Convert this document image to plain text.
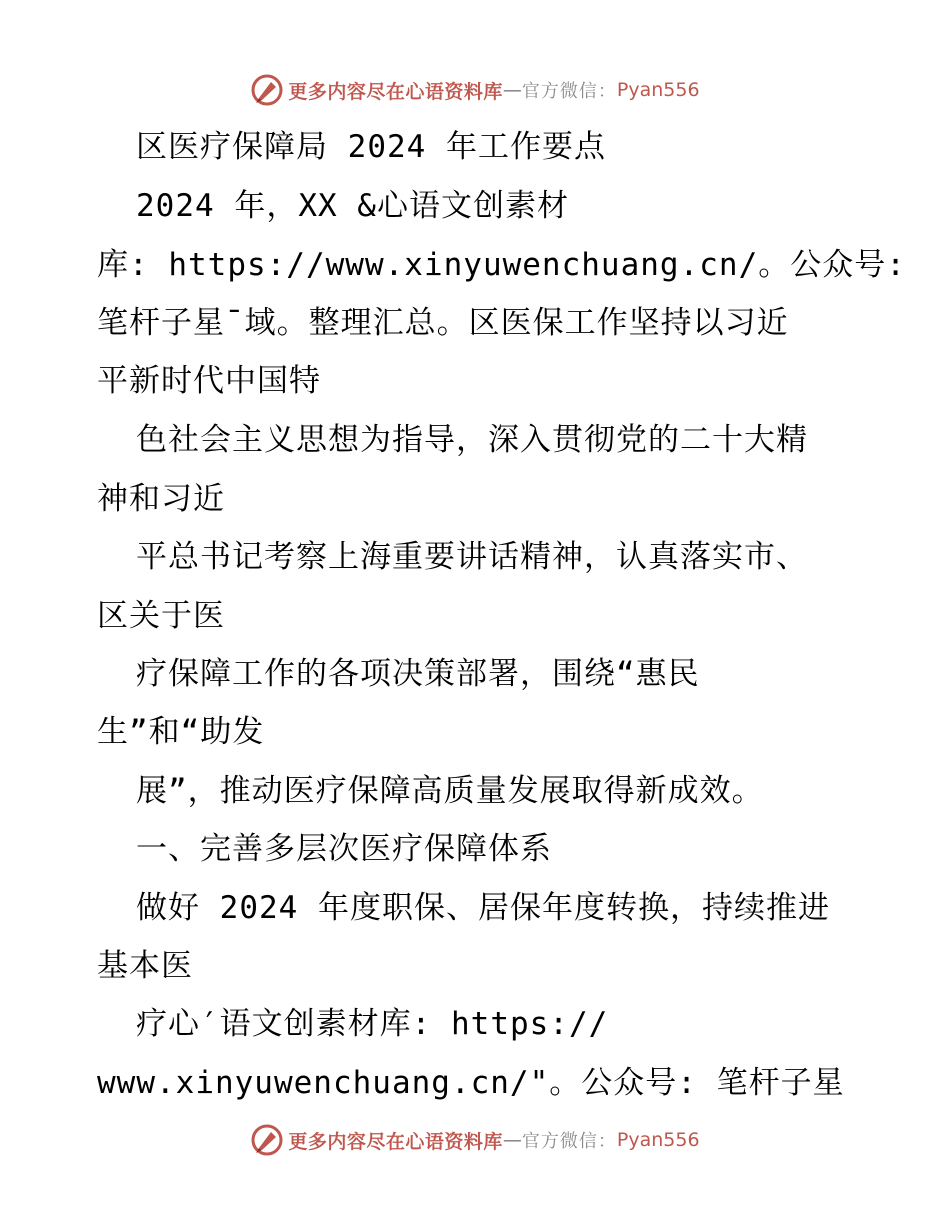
更多内容尽在心语资料库 — 官方微信： Pyan556
区医疗保障局 2024 年工作要点
2024 年，XX &心语文创素材
库: https://www.xinyuwenchuang.cn/。公众号:
笔杆子星¯域。整理汇总。区医保工作坚持以习近
平新时代中国特
色社会主义思想为指导，深入贯彻党的二十大精
神和习近
平总书记考察上海重要讲话精神，认真落实市、
区关于医
疗保障工作的各项决策部署，围绕“惠民
生”和“助发
展”，推动医疗保障高质量发展取得新成效。
一、完善多层次医疗保障体系
做好 2024 年度职保、居保年度转换，持续推进
基本医
疗心′语文创素材库: https://
www.xinyuwenchuang.cn/"。公众号: 笔杆子星
更多内容尽在心语资料库 — 官方微信： Pyan556
